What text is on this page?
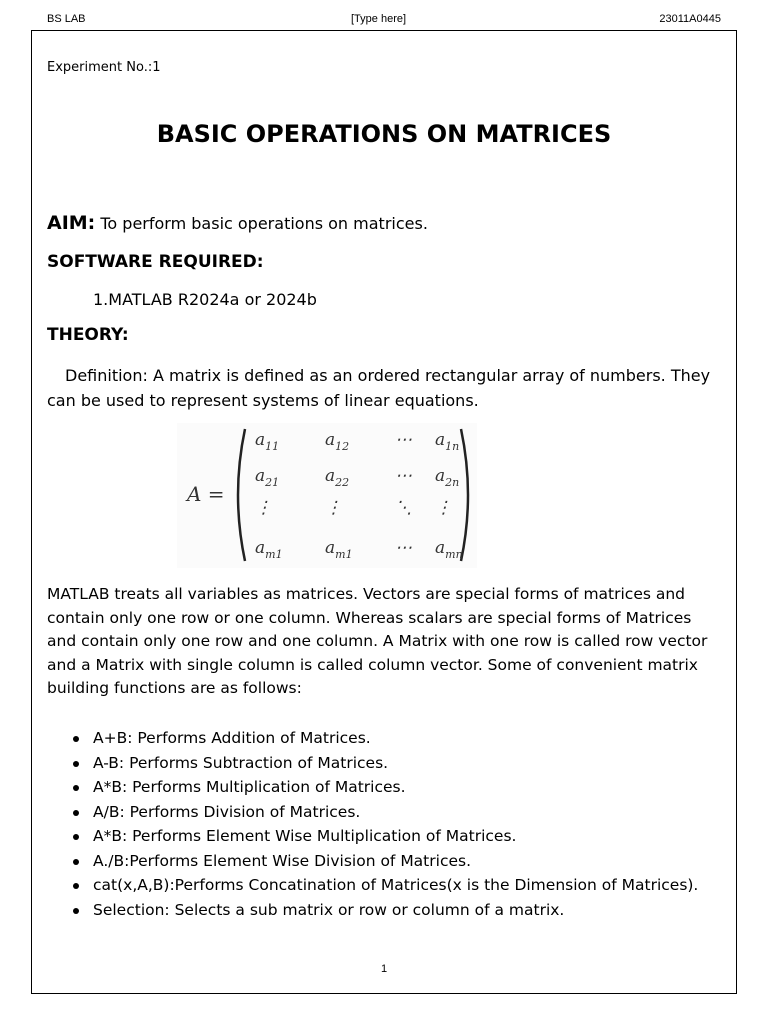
BS LAB	[Type here]	23011A0445
Experiment No.:1
BASIC OPERATIONS ON MATRICES
AIM: To perform basic operations on matrices.
SOFTWARE REQUIRED:
1.MATLAB R2024a or 2024b
THEORY:
Definition: A matrix is defined as an ordered rectangular array of numbers. They can be used to represent systems of linear equations.
A =
$a_{11}$	$a_{12}$	⋯ $a_{1n}$
$a_{21}$	$a_{22}$	⋯ $a_{2n}$
⋮	⋮	⋱ ⋮
$a_{m1}$ $a_{m1}$ ⋯ $a_{mn}$
MATLAB treats all variables as matrices. Vectors are special forms of matrices and contain only one row or one column. Whereas scalars are special forms of Matrices and contain only one row and one column. A Matrix with one row is called row vector and a Matrix with single column is called column vector. Some of convenient matrix building functions are as follows:
A+B: Performs Addition of Matrices.
A-B: Performs Subtraction of Matrices.
A*B: Performs Multiplication of Matrices.
A/B: Performs Division of Matrices.
A*B: Performs Element Wise Multiplication of Matrices.
A./B:Performs Element Wise Division of Matrices.
cat(x,A,B):Performs Concatination of Matrices(x is the Dimension of Matrices).
Selection: Selects a sub matrix or row or column of a matrix.
1
